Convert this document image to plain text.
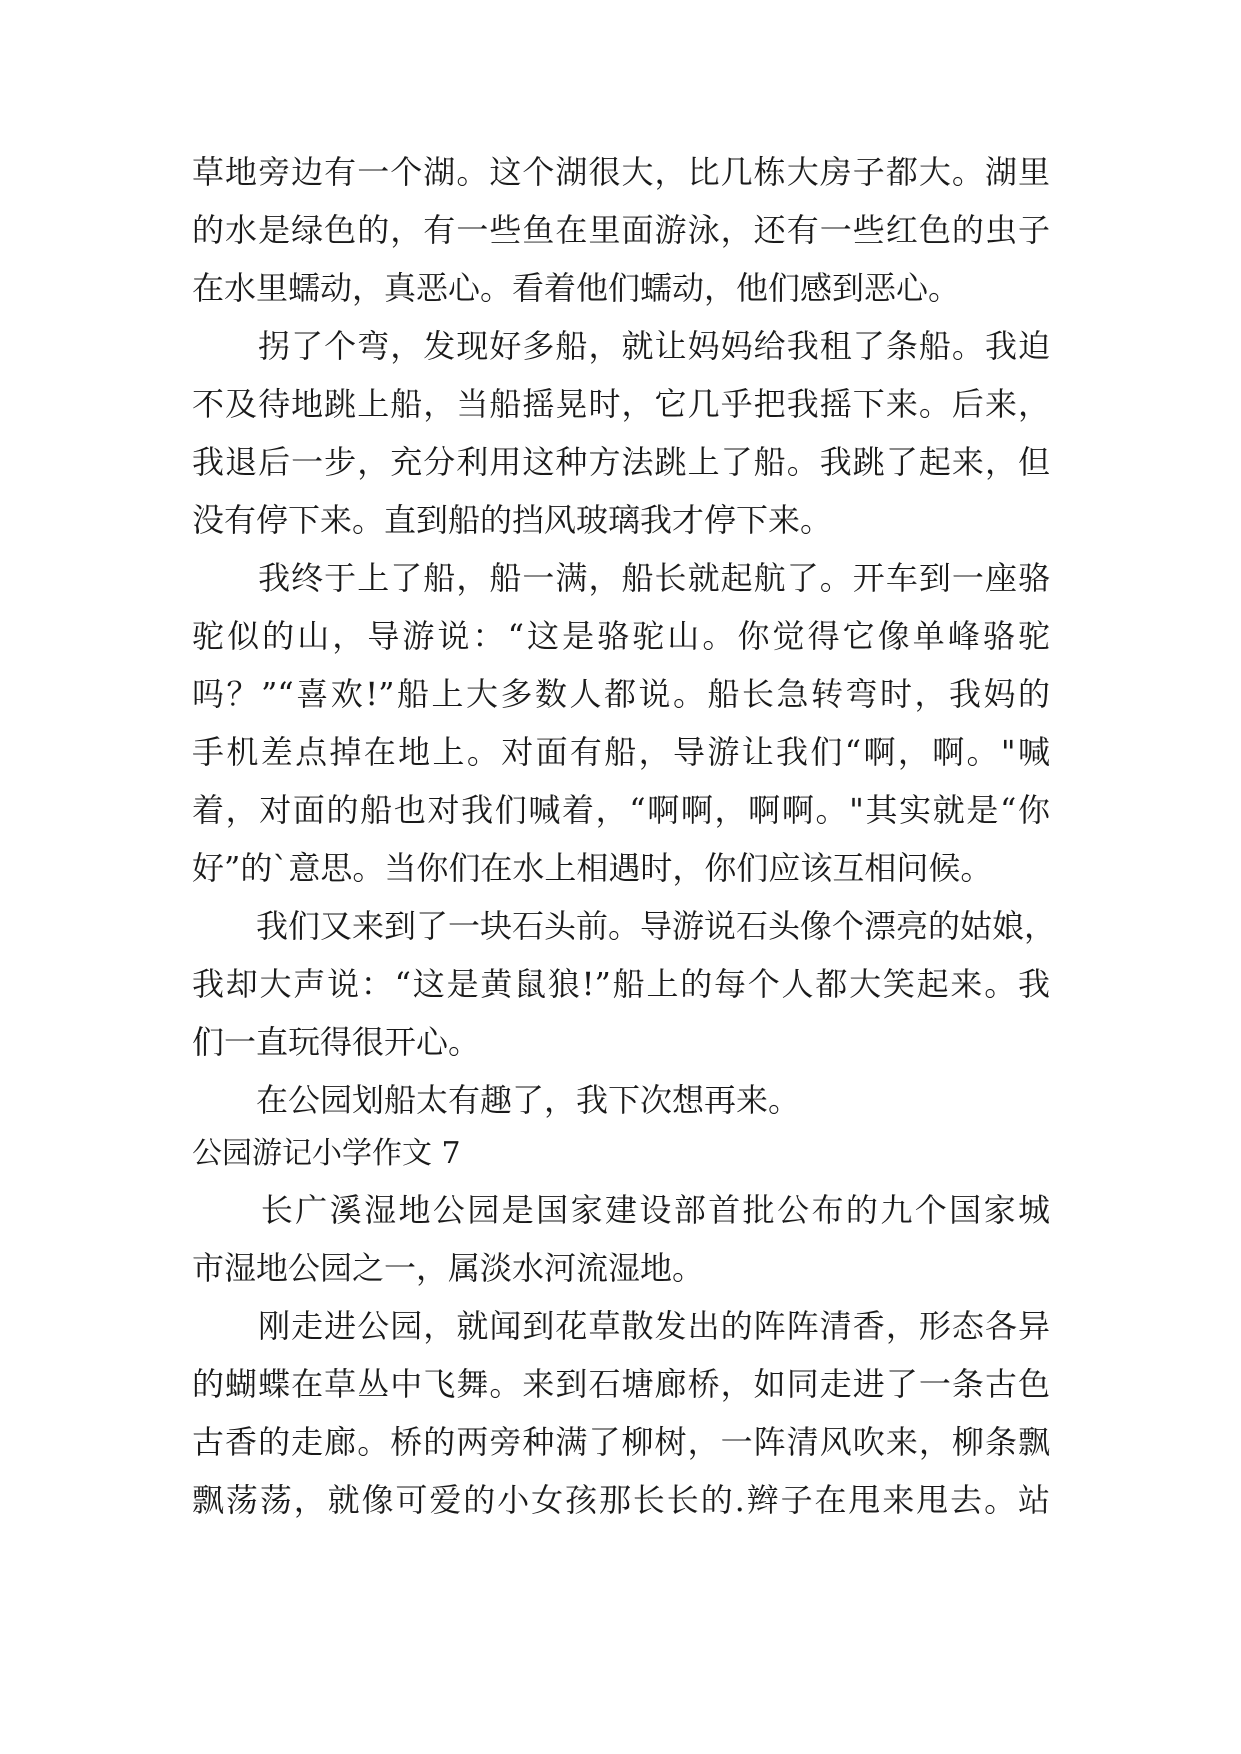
草地旁边有一个湖。这个湖很大，比几栋大房子都大。湖里
的水是绿色的，有一些鱼在里面游泳，还有一些红色的虫子
在水里蠕动，真恶心。看着他们蠕动，他们感到恶心。
　　拐了个弯，发现好多船，就让妈妈给我租了条船。我迫
不及待地跳上船，当船摇晃时，它几乎把我摇下来。后来，
我退后一步，充分利用这种方法跳上了船。我跳了起来，但
没有停下来。直到船的挡风玻璃我才停下来。
　　我终于上了船，船一满，船长就起航了。开车到一座骆
驼似的山，导游说：“这是骆驼山。你觉得它像单峰骆驼
吗？”“喜欢!”船上大多数人都说。船长急转弯时，我妈的
手机差点掉在地上。对面有船，导游让我们“啊，啊。"喊
着，对面的船也对我们喊着，“啊啊，啊啊。"其实就是“你
好”的`意思。当你们在水上相遇时，你们应该互相问候。
　　我们又来到了一块石头前。导游说石头像个漂亮的姑娘，
我却大声说：“这是黄鼠狼!”船上的每个人都大笑起来。我
们一直玩得很开心。
　　在公园划船太有趣了，我下次想再来。
公园游记小学作文 7
　　长广溪湿地公园是国家建设部首批公布的九个国家城
市湿地公园之一，属淡水河流湿地。
　　刚走进公园，就闻到花草散发出的阵阵清香，形态各异
的蝴蝶在草丛中飞舞。来到石塘廊桥，如同走进了一条古色
古香的走廊。桥的两旁种满了柳树，一阵清风吹来，柳条飘
飘荡荡，就像可爱的小女孩那长长的.辫子在甩来甩去。站
